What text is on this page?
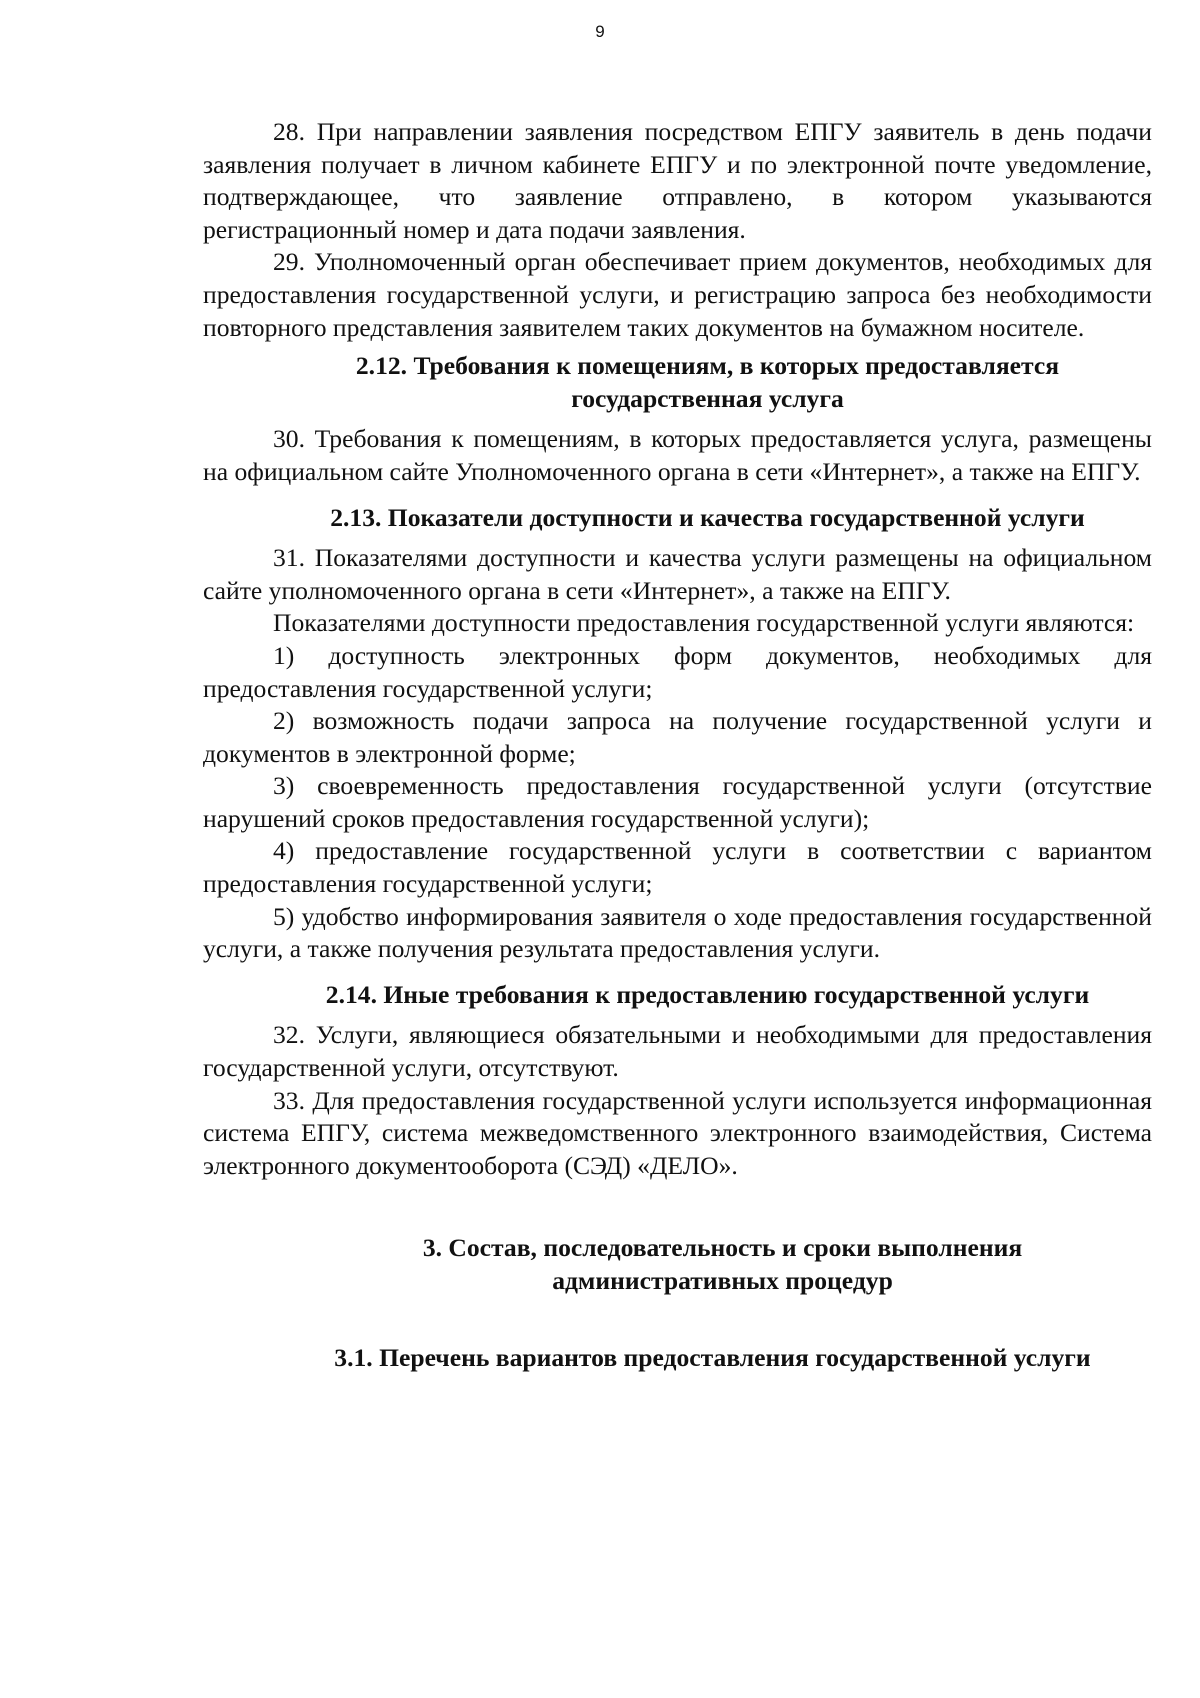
9

28. При направлении заявления посредством ЕПГУ заявитель в день подачи заявления получает в личном кабинете ЕПГУ и по электронной почте уведомление, подтверждающее, что заявление отправлено, в котором указываются регистрационный номер и дата подачи заявления.

29. Уполномоченный орган обеспечивает прием документов, необходимых для предоставления государственной услуги, и регистрацию запроса без необходимости повторного представления заявителем таких документов на бумажном носителе.

2.12. Требования к помещениям, в которых предоставляется государственная услуга

30. Требования к помещениям, в которых предоставляется услуга, размещены на официальном сайте Уполномоченного органа в сети «Интернет», а также на ЕПГУ.

2.13. Показатели доступности и качества государственной услуги

31. Показателями доступности и качества услуги размещены на официальном сайте уполномоченного органа в сети «Интернет», а также на ЕПГУ.

Показателями доступности предоставления государственной услуги являются:

1) доступность электронных форм документов, необходимых для предоставления государственной услуги;

2) возможность подачи запроса на получение государственной услуги и документов в электронной форме;

3) своевременность предоставления государственной услуги (отсутствие нарушений сроков предоставления государственной услуги);

4) предоставление государственной услуги в соответствии с вариантом предоставления государственной услуги;

5) удобство информирования заявителя о ходе предоставления государственной услуги, а также получения результата предоставления услуги.

2.14. Иные требования к предоставлению государственной услуги

32. Услуги, являющиеся обязательными и необходимыми для предоставления государственной услуги, отсутствуют.

33. Для предоставления государственной услуги используется информационная система ЕПГУ, система межведомственного электронного взаимодействия, Система электронного документооборота (СЭД) «ДЕЛО».

3. Состав, последовательность и сроки выполнения административных процедур
3.1. Перечень вариантов предоставления государственной услуги
